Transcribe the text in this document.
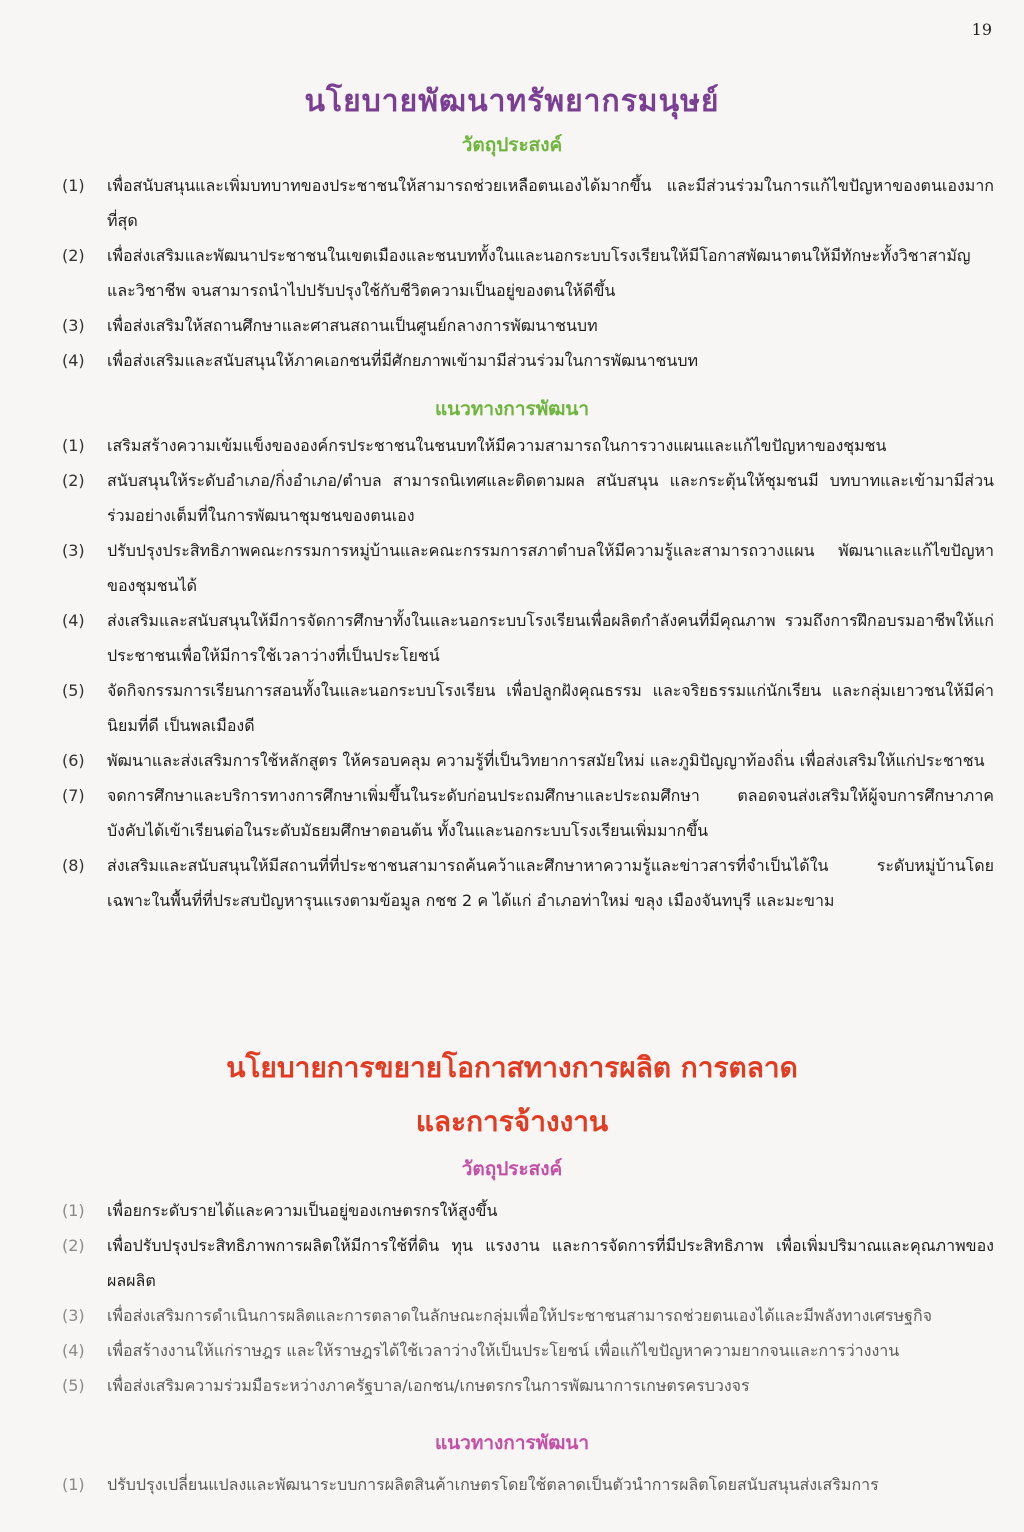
19
นโยบายพัฒนาทรัพยากรมนุษย์
วัตถุประสงค์
(1)	เพื่อสนับสนุนและเพิ่มบทบาทของประชาชนให้สามารถช่วยเหลือตนเองได้มากขึ้น และมีส่วนร่วมในการแก้ไขปัญหาของตนเองมากที่สุด
(2)	เพื่อส่งเสริมและพัฒนาประชาชนในเขตเมืองและชนบททั้งในและนอกระบบโรงเรียนให้มีโอกาสพัฒนาตนให้มีทักษะทั้งวิชาสามัญและวิชาชีพ จนสามารถนำไปปรับปรุงใช้กับชีวิตความเป็นอยู่ของตนให้ดีขึ้น
(3)	เพื่อส่งเสริมให้สถานศึกษาและศาสนสถานเป็นศูนย์กลางการพัฒนาชนบท
(4)	เพื่อส่งเสริมและสนับสนุนให้ภาคเอกชนที่มีศักยภาพเข้ามามีส่วนร่วมในการพัฒนาชนบท
แนวทางการพัฒนา
(1)	เสริมสร้างความเข้มแข็งขององค์กรประชาชนในชนบทให้มีความสามารถในการวางแผนและแก้ไขปัญหาของชุมชน
(2)	สนับสนุนให้ระดับอำเภอ/กิ่งอำเภอ/ตำบล สามารถนิเทศและติดตามผล สนับสนุน และกระตุ้นให้ชุมชนมี บทบาทและเข้ามามีส่วนร่วมอย่างเต็มที่ในการพัฒนาชุมชนของตนเอง
(3)	ปรับปรุงประสิทธิภาพคณะกรรมการหมู่บ้านและคณะกรรมการสภาตำบลให้มีความรู้และสามารถวางแผน พัฒนาและแก้ไขปัญหาของชุมชนได้
(4)	ส่งเสริมและสนับสนุนให้มีการจัดการศึกษาทั้งในและนอกระบบโรงเรียนเพื่อผลิตกำลังคนที่มีคุณภาพ รวมถึงการฝึกอบรมอาชีพให้แก่ประชาชนเพื่อให้มีการใช้เวลาว่างที่เป็นประโยชน์
(5)	จัดกิจกรรมการเรียนการสอนทั้งในและนอกระบบโรงเรียน เพื่อปลูกฝังคุณธรรม และจริยธรรมแก่นักเรียน และกลุ่มเยาวชนให้มีค่านิยมที่ดี เป็นพลเมืองดี
(6)	พัฒนาและส่งเสริมการใช้หลักสูตร ให้ครอบคลุม ความรู้ที่เป็นวิทยาการสมัยใหม่ และภูมิปัญญาท้องถิ่น เพื่อส่งเสริมให้แก่ประชาชน
(7)	จดการศึกษาและบริการทางการศึกษาเพิ่มขึ้นในระดับก่อนประถมศึกษาและประถมศึกษา ตลอดจนส่งเสริมให้ผู้จบการศึกษาภาคบังคับได้เข้าเรียนต่อในระดับมัธยมศึกษาตอนต้น ทั้งในและนอกระบบโรงเรียนเพิ่มมากขึ้น
(8)	ส่งเสริมและสนับสนุนให้มีสถานที่ที่ประชาชนสามารถค้นคว้าและศึกษาหาความรู้และข่าวสารที่จำเป็นได้ใน ระดับหมู่บ้านโดยเฉพาะในพื้นที่ที่ประสบปัญหารุนแรงตามข้อมูล กชช 2 ค ได้แก่ อำเภอท่าใหม่ ขลุง เมืองจันทบุรี และมะขาม
นโยบายการขยายโอกาสทางการผลิต การตลาด
และการจ้างงาน
วัตถุประสงค์
(1)	เพื่อยกระดับรายได้และความเป็นอยู่ของเกษตรกรให้สูงขึ้น
(2)	เพื่อปรับปรุงประสิทธิภาพการผลิตให้มีการใช้ที่ดิน ทุน แรงงาน และการจัดการที่มีประสิทธิภาพ เพื่อเพิ่มปริมาณและคุณภาพของผลผลิต
(3)	เพื่อส่งเสริมการดำเนินการผลิตและการตลาดในลักษณะกลุ่มเพื่อให้ประชาชนสามารถช่วยตนเองได้และมีพลังทางเศรษฐกิจ
(4)	เพื่อสร้างงานให้แก่ราษฎร และให้ราษฎรได้ใช้เวลาว่างให้เป็นประโยชน์ เพื่อแก้ไขปัญหาความยากจนและการว่างงาน
(5)	เพื่อส่งเสริมความร่วมมือระหว่างภาครัฐบาล/เอกชน/เกษตรกรในการพัฒนาการเกษตรครบวงจร
แนวทางการพัฒนา
(1)	ปรับปรุงเปลี่ยนแปลงและพัฒนาระบบการผลิตสินค้าเกษตรโดยใช้ตลาดเป็นตัวนำการผลิตโดยสนับสนุนส่งเสริมการ
